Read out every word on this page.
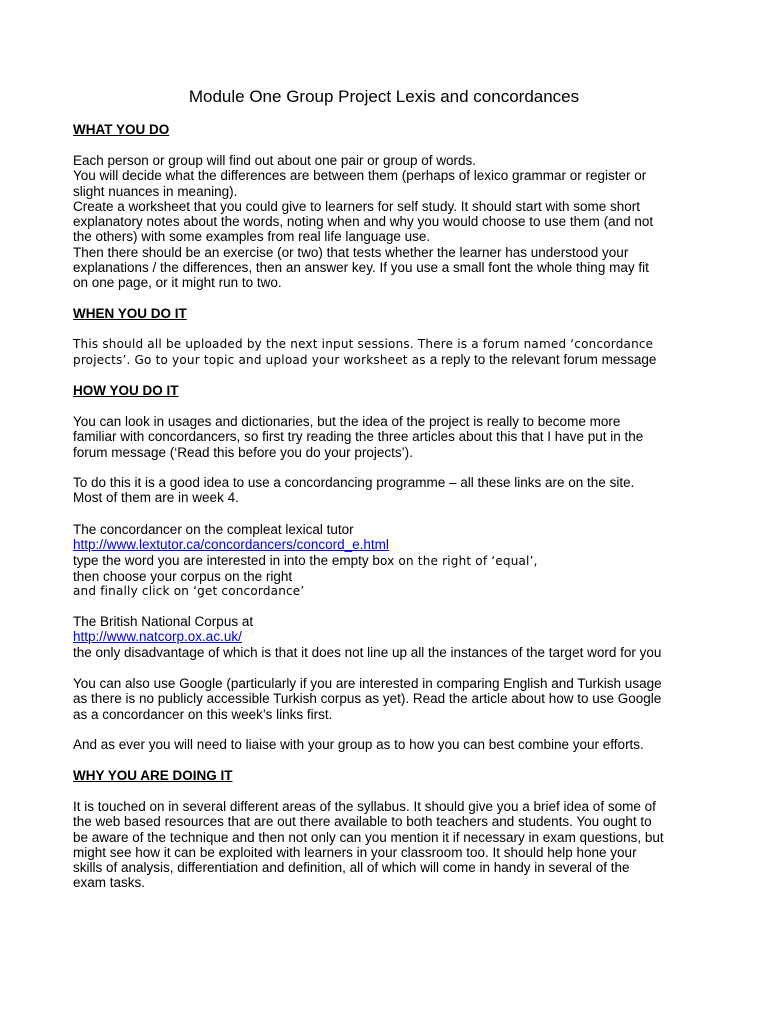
Module One Group Project Lexis and concordances
WHAT YOU DO
Each person or group will find out about one pair or group of words.
You will decide what the differences are between them (perhaps of lexico grammar or register or
slight nuances in meaning).
Create a worksheet that you could give to learners for self study. It should start with some short
explanatory notes about the words, noting when and why you would choose to use them (and not
the others) with some examples from real life language use.
Then there should be an exercise (or two) that tests whether the learner has understood your
explanations / the differences, then an answer key. If you use a small font the whole thing may fit
on one page, or it might run to two.
WHEN YOU DO IT
This should all be uploaded by the next input sessions. There is a forum named ‘concordance
projects’. Go to your topic and upload your worksheet as a reply to the relevant forum message
HOW YOU DO IT
You can look in usages and dictionaries, but the idea of the project is really to become more
familiar with concordancers, so first try reading the three articles about this that I have put in the
forum message (‘Read this before you do your projects’).
To do this it is a good idea to use a concordancing programme – all these links are on the site.
Most of them are in week 4.
The concordancer on the compleat lexical tutor
http://www.lextutor.ca/concordancers/concord_e.html
type the word you are interested in into the empty box on the right of ‘equal’,
then choose your corpus on the right
and finally click on ‘get concordance’
The British National Corpus at
http://www.natcorp.ox.ac.uk/
the only disadvantage of which is that it does not line up all the instances of the target word for you
You can also use Google (particularly if you are interested in comparing English and Turkish usage
as there is no publicly accessible Turkish corpus as yet). Read the article about how to use Google
as a concordancer on this week’s links first.
And as ever you will need to liaise with your group as to how you can best combine your efforts.
WHY YOU ARE DOING IT
It is touched on in several different areas of the syllabus. It should give you a brief idea of some of
the web based resources that are out there available to both teachers and students. You ought to
be aware of the technique and then not only can you mention it if necessary in exam questions, but
might see how it can be exploited with learners in your classroom too. It should help hone your
skills of analysis, differentiation and definition, all of which will come in handy in several of the
exam tasks.
